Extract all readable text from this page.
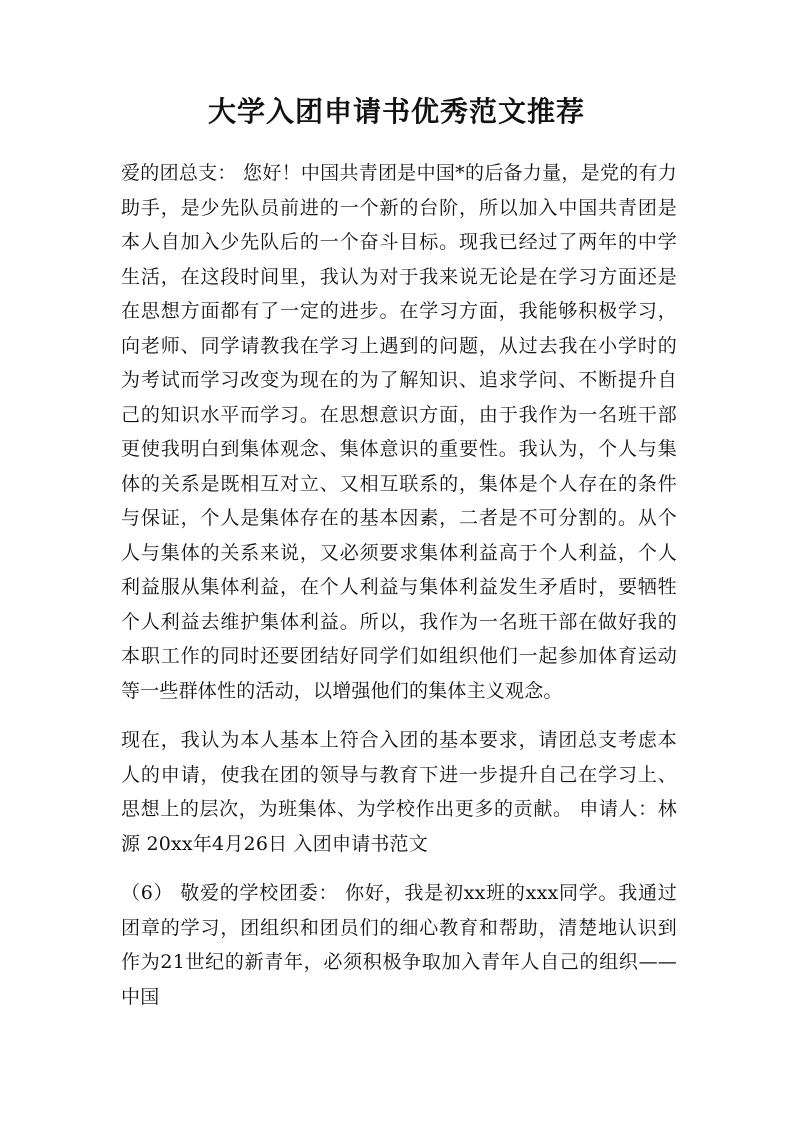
大学入团申请书优秀范文推荐

爱的团总支： 您好！中国共青团是中国*的后备力量，是党的有力助手，是少先队员前进的一个新的台阶，所以加入中国共青团是本人自加入少先队后的一个奋斗目标。现我已经过了两年的中学生活，在这段时间里，我认为对于我来说无论是在学习方面还是在思想方面都有了一定的进步。在学习方面，我能够积极学习，向老师、同学请教我在学习上遇到的问题，从过去我在小学时的为考试而学习改变为现在的为了解知识、追求学问、不断提升自己的知识水平而学习。在思想意识方面，由于我作为一名班干部更使我明白到集体观念、集体意识的重要性。我认为，个人与集体的关系是既相互对立、又相互联系的，集体是个人存在的条件与保证，个人是集体存在的基本因素，二者是不可分割的。从个人与集体的关系来说，又必须要求集体利益高于个人利益，个人利益服从集体利益，在个人利益与集体利益发生矛盾时，要牺牲个人利益去维护集体利益。所以，我作为一名班干部在做好我的本职工作的同时还要团结好同学们如组织他们一起参加体育运动等一些群体性的活动，以增强他们的集体主义观念。

现在，我认为本人基本上符合入团的基本要求，请团总支考虑本人的申请，使我在团的领导与教育下进一步提升自己在学习上、思想上的层次，为班集体、为学校作出更多的贡献。 申请人：林源 20xx年4月26日 入团申请书范文

（6） 敬爱的学校团委： 你好，我是初xx班的xxx同学。我通过团章的学习，团组织和团员们的细心教育和帮助，清楚地认识到作为21世纪的新青年，必须积极争取加入青年人自己的组织——中国
